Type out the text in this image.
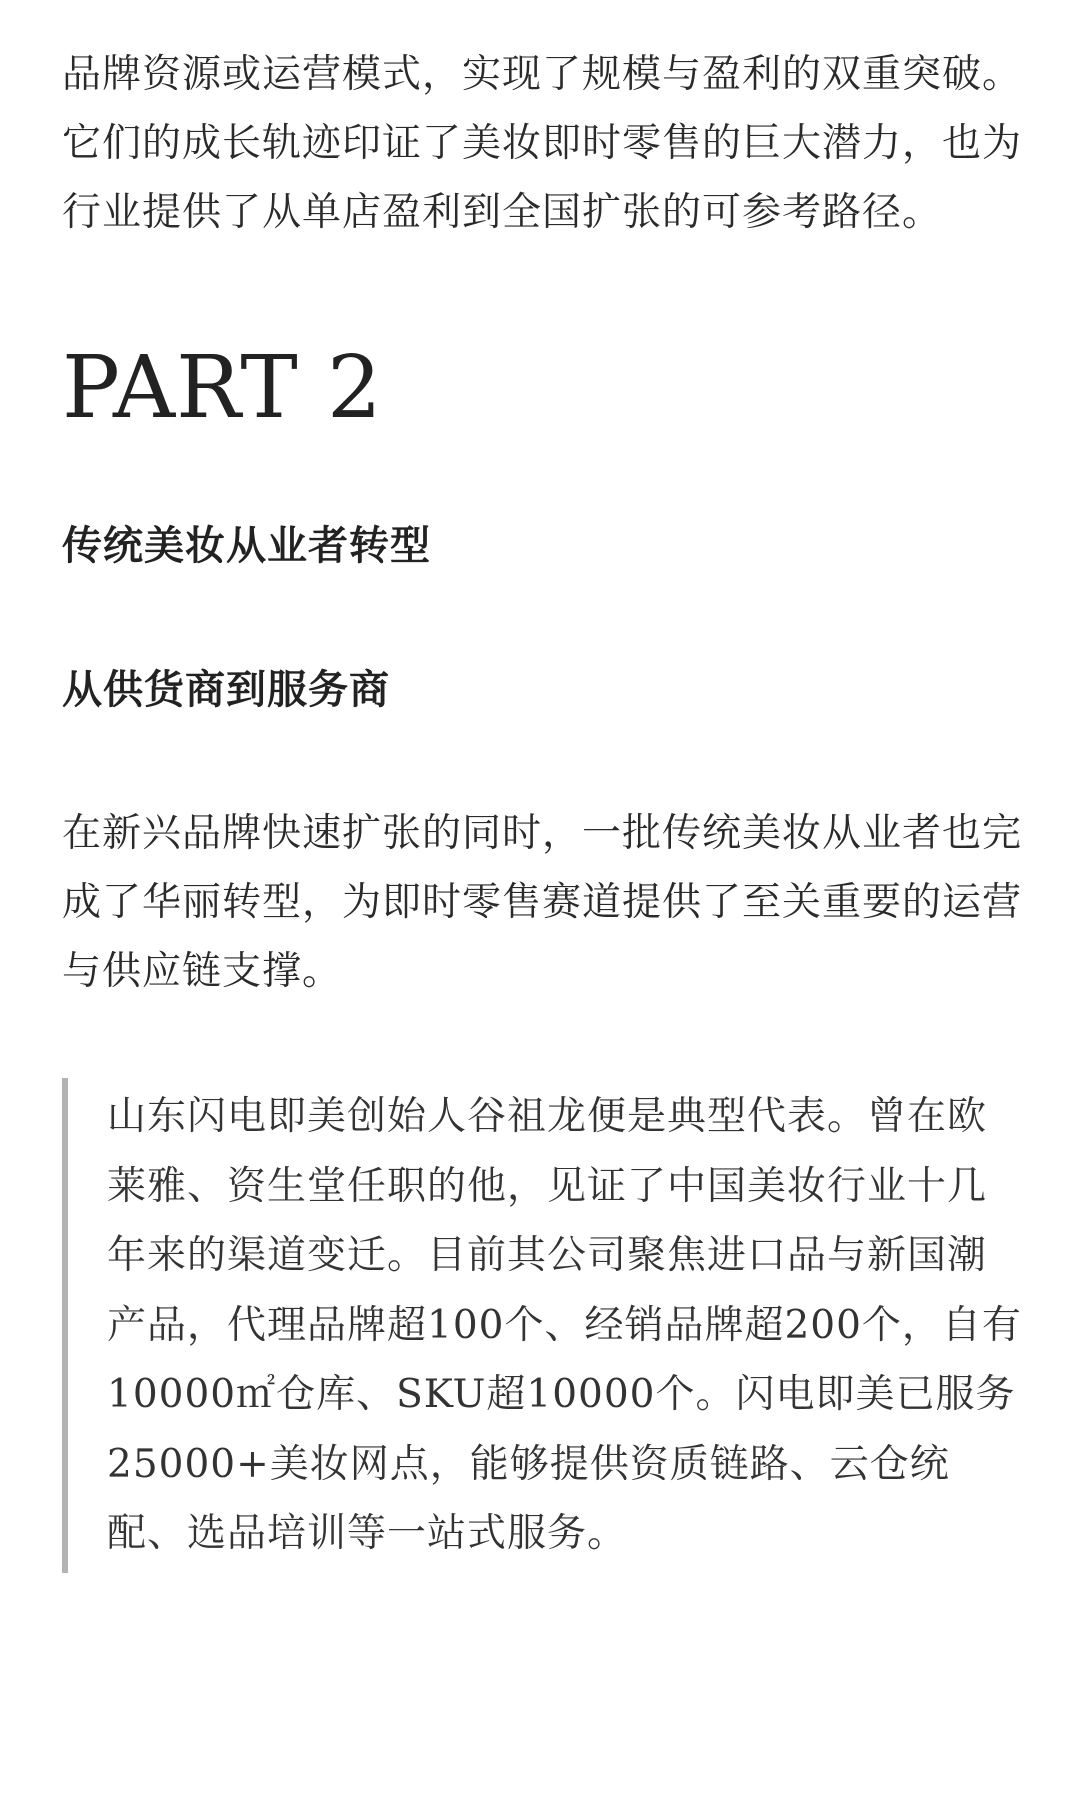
品牌资源或运营模式，实现了规模与盈利的双重突破。它们的成长轨迹印证了美妆即时零售的巨大潜力，也为行业提供了从单店盈利到全国扩张的可参考路径。

PART 2
传统美妆从业者转型
从供货商到服务商

在新兴品牌快速扩张的同时，一批传统美妆从业者也完成了华丽转型，为即时零售赛道提供了至关重要的运营与供应链支撑。

山东闪电即美创始人谷祖龙便是典型代表。曾在欧莱雅、资生堂任职的他，见证了中国美妆行业十几年来的渠道变迁。目前其公司聚焦进口品与新国潮产品，代理品牌超100个、经销品牌超200个，自有10000㎡仓库、SKU超10000个。闪电即美已服务25000+美妆网点，能够提供资质链路、云仓统配、选品培训等一站式服务。
